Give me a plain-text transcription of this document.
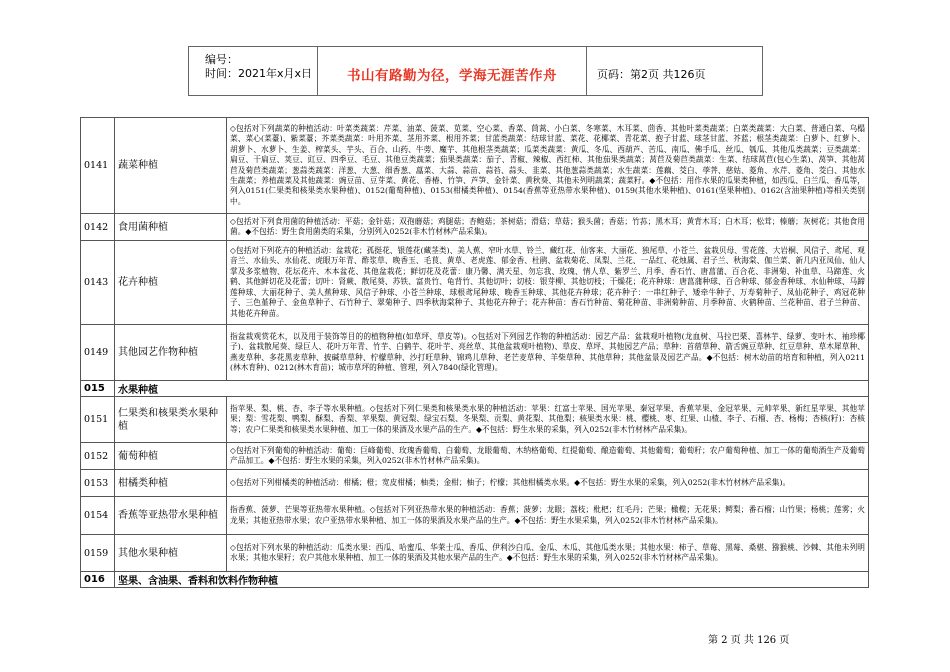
编号：
时间：2021年x月x日	书山有路勤为径，学海无涯苦作舟	页码：第2页 共126页
0141	蔬菜种植	◇包括对下列蔬菜的种植活动：叶菜类蔬菜：芹菜、油菜、菠菜、苋菜、空心菜、香菜、茼蒿、小白菜、冬寒菜、木耳菜、茴香、其他叶菜类蔬菜；白菜类蔬菜：大白菜、普通白菜、乌榻菜、菜心(菜薹)、紫菜薹；芥菜类蔬菜：叶用芥菜、茎用芥菜、根用芥菜；甘蓝类蔬菜：结球甘蓝、菜花、花椰菜、青花菜、抱子甘蓝、球茎甘蓝、芥蓝；根茎类蔬菜：白萝卜、红萝卜、胡萝卜、水萝卜、生姜、榨菜头、芋头、百合、山药、牛蒡、魔芋、其他根茎类蔬菜；瓜菜类蔬菜：黄瓜、冬瓜、西葫芦、苦瓜、南瓜、佛手瓜、丝瓜、瓠瓜、其他瓜类蔬菜；豆类蔬菜：扁豆、干扁豆、荚豆、豇豆、四季豆、毛豆、其他豆类蔬菜；茄果类蔬菜：茄子、青椒、辣椒、西红柿、其他茄果类蔬菜；莴苣及菊苣类蔬菜：生菜、结球莴苣(包心生菜)、莴笋、其他莴苣及菊苣类蔬菜；葱蒜类蔬菜：洋葱、大葱、细香葱、藠菜、大蒜、蒜苗、蒜苔、蒜头、韭菜、其他葱蒜类蔬菜；水生蔬菜：莲藕、茭白、荸荠、慈姑、菱角、水芹、菱角、茭白、其他水生蔬菜；养植蔬菜及其他蔬菜：豌豆苗、豆芽菜、黄花、香椿、竹笋、芦笋、金针菜、黄秋葵、其他未列明蔬菜；蔬菜籽。◆不包括：用作水果的瓜果类种植，如西瓜、白兰瓜、香瓜等，列入0151(仁果类和核果类水果种植)、0152(葡萄种植)、0153(柑橘类种植)、0154(香蕉等亚热带水果种植)、0159(其他水果种植)、0161(坚果种植)、0162(含油果种植)等相关类别中。
0142	食用菌种植	◇包括对下列食用菌的种植活动：平菇；金针菇；双孢蘑菇；鸡腿菇；杏鲍菇；茶树菇；滑菇；草菇；猴头菌；香菇；竹荪；黑木耳；黄背木耳；白木耳；松茸；榛蘑；灰树花；其他食用菌。◆不包括：野生食用菌类的采集，分别列入0252(非木竹材林产品采集)。
0143	花卉种植	◇包括对下列花卉的种植活动：盆栽花；孤挺花、银莲花(藏茎类)、美人蕉、窄叶水草、铃兰、藏红花、仙客来、大丽花、独尾草、小苍兰、盆栽贝母、雪花莲、大岩桐、风信子、鸢尾、观音兰、水仙头、水仙花、虎眼万年青、酢浆草、晚香玉、毛茛、黄草、老虎莲、郁金香、杜鹃、盆栽菊花、凤梨、兰花、一品红、花烛属、君子兰、秋海棠、伽兰菜、新几内亚凤仙、仙人掌及多浆植物、花坛花卉、木本盆花、其他盆栽花；鲜切花及花蕾：康乃馨、满天星、勿忘我、玫瑰、情人草、紫罗兰、月季、香石竹、唐菖蒲、百合花、非洲菊、补血草、马蹄莲、火鹤、其他鲜切花及花蕾；切叶：肾蕨、散尾葵、苏铁、富贵竹、龟背竹、其他切叶；切枝：银芽柳、其他切枝；干燥花；花卉种球：唐菖蒲种球、百合种球、郁金香种球、水仙种球、马蹄莲种球、大丽花种子、美人蕉种球、风信子种球、小苍兰种球、球根鸢尾种球、晚香玉种球、其他花卉种球；花卉种子：一串红种子、矮牵牛种子、万寿菊种子、凤仙花种子、鸡冠花种子、三色堇种子、金鱼草种子、石竹种子、翠菊种子、四季秋海棠种子、其他花卉种子；花卉种苗：香石竹种苗、菊花种苗、非洲菊种苗、月季种苗、火鹤种苗、兰花种苗、君子兰种苗、其他花卉种苗。
0149	其他园艺作物种植	指盆栽观赏花木，以及用于装饰等目的的植物种植(如草坪、草皮等)。◇包括对下列园艺作物的种植活动：园艺产品：盆栽观叶植物(龙血树、马拉巴栗、喜林芋、绿萝、变叶木、袖珍椰子)、盆栽散尾葵、绿巨人、花叶万年青、竹芋、白鹤芋、花叶芋、亮丝草、其他盆栽观叶植物)、草皮、草坪、其他园艺产品；草种：首蓿草种、箭舌豌豆草种、红豆草种、草木犀草种、燕麦草种、多花黑麦草种、披碱草草种、柠檬草种、沙打旺草种、锦鸡儿草种、老芒麦草种、羊柴草种、其他草种；其他盆景及园艺产品。◆不包括：树木幼苗的培育和种植，列入0211(林木育种)、0212(林木育苗)；城市草坪的种植、管理，列入7840(绿化管理)。
015	水果种植	
0151	仁果类和核果类水果种植	指苹果、梨、桃、杏、李子等水果种植。◇包括对下列仁果类和核果类水果的种植活动：苹果：红富士苹果、国光苹果、秦冠苹果、香蕉苹果、金冠苹果、元帅苹果、新红星苹果、其他苹果；梨：雪花梨、鸭梨、酥梨、香梨、苹果梨、黄冠梨、绿宝石梨、冬果梨、贡梨、黄花梨、其他梨；核果类水果：桃、樱桃、枣、红果、山楂、李子、石榴、杏、杨梅；杏核(籽)：杏核等；农户仁果类和核果类水果种植、加工一体的果酒及水果产品的生产。◆不包括：野生水果的采集，列入0252(非木竹材林产品采集)。
0152	葡萄种植	◇包括对下列葡萄的种植活动：葡萄：巨峰葡萄、玫瑰香葡萄、白葡萄、龙眼葡萄、木纳格葡萄、红提葡萄、酿造葡萄、其他葡萄；葡萄籽；农户葡萄种植、加工一体的葡萄酒生产及葡萄产品加工。◆不包括：野生水果的采集，列入0252(非木竹材林产品采集)。
0153	柑橘类种植	◇包括对下列柑橘类的种植活动：柑橘；橙；宽皮柑橘；柚类；金柑；柚子；柠檬；其他柑橘类水果。◆不包括：野生水果的采集，列入0252(非木竹材林产品采集)。
0154	香蕉等亚热带水果种植	指香蕉、菠萝、芒果等亚热带水果种植。◇包括对下列亚热带水果的种植活动：香蕉；菠萝；龙眼；荔枝；枇杷；红毛丹；芒果；橄榄；无花果；鳄梨；番石榴；山竹果；杨桃；莲雾；火龙果；其他亚热带水果；农户亚热带水果种植、加工一体的果酒及水果产品的生产。◆不包括：野生水果采集，列入0252(非木竹材林产品采集)。
0159	其他水果种植	◇包括对下列水果的种植活动：瓜类水果：西瓜、哈蜜瓜、华莱士瓜、香瓜、伊利沙白瓜、金瓜、木瓜、其他瓜类水果；其他水果：柿子、草莓、黑莓、桑椹、猕猴桃、沙棘、其他未列明水果；其他水果籽；农户其他水果种植、加工一体的果酒及其他水果产品的生产。◆不包括：野生水果的采集，列入0252(非木竹材林产品采集)。
016	坚果、含油果、香料和饮料作物种植	
第 2 页 共 126 页
